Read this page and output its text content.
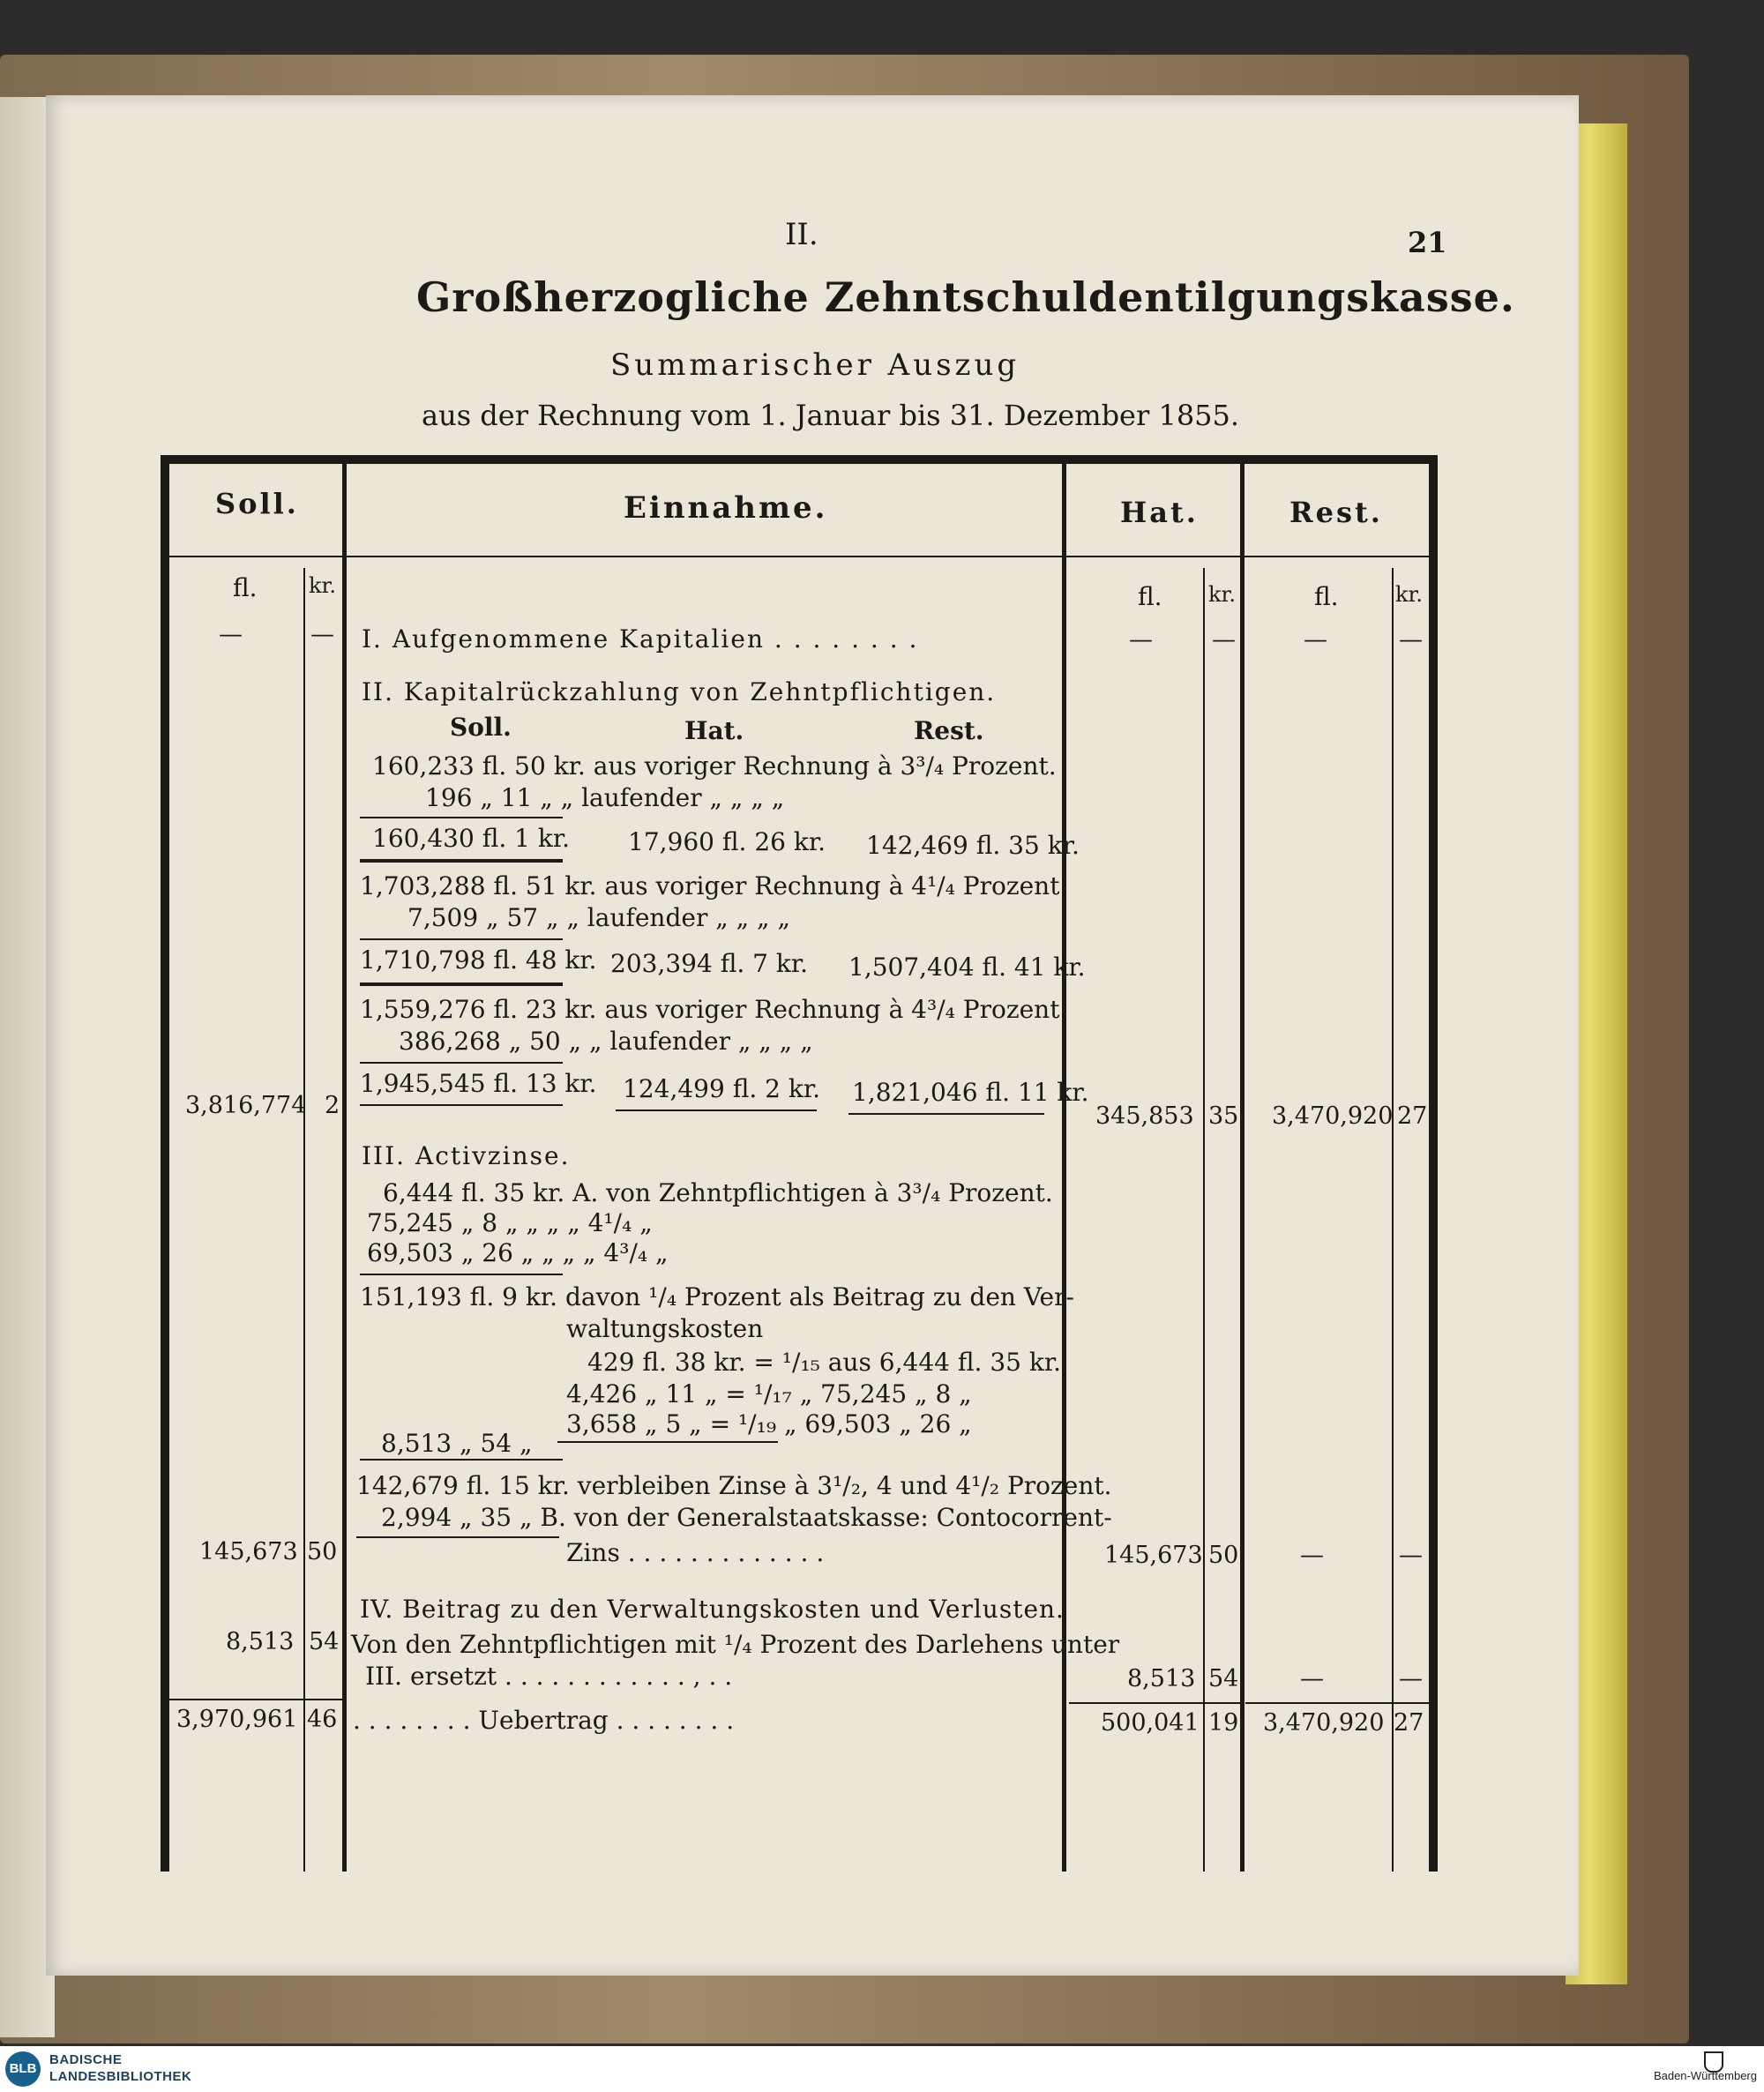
II.	21
Großherzogliche Zehntschuldentilgungskasse.
Summarischer Auszug
aus der Rechnung vom 1. Januar bis 31. Dezember 1855.
Soll.	Einnahme.	Hat.	Rest.
fl. kr.	fl. kr.	fl.	kr.
I. Aufgenommene Kapitalien . . . . . . . .
—	—	— —	—	—
II. Kapitalrückzahlung von Zehntpflichtigen.
Soll.	Hat.	Rest.
160,233 fl. 50 kr. aus voriger Rechnung à 3³/₄ Prozent.
196 „ 11 „ „ laufender „ „ „ „
160,430 fl. 1 kr. 17,960 fl. 26 kr. 142,469 fl. 35 kr.
1,703,288 fl. 51 kr. aus voriger Rechnung à 4¹/₄ Prozent.
7,509 „ 57 „ „ laufender „ „ „ „
1,710,798 fl. 48 kr. 203,394 fl. 7 kr. 1,507,404 fl. 41 kr.
1,559,276 fl. 23 kr. aus voriger Rechnung à 4³/₄ Prozent.
386,268 „ 50 „ „ laufender „ „ „ „
1,945,545 fl. 13 kr. 124,499 fl. 2 kr. 1,821,046 fl. 11 kr.
3,816,774 2	345,853 35 3,470,920 27
III. Activzinse.
6,444 fl. 35 kr. A. von Zehntpflichtigen à 3³/₄ Prozent.
75,245 „ 8 „ „ „ „ 4¹/₄ „
69,503 „ 26 „ „ „ „ 4³/₄ „
151,193 fl. 9 kr. davon ¹/₄ Prozent als Beitrag zu den Ver-
waltungskosten
429 fl. 38 kr. = ¹/₁₅ aus 6,444 fl. 35 kr.
4,426 „ 11 „ = ¹/₁₇ „ 75,245 „ 8 „
3,658 „ 5 „ = ¹/₁₉ „ 69,503 „ 26 „
8,513 „ 54 „
142,679 fl. 15 kr. verbleiben Zinse à 3¹/₂, 4 und 4¹/₂ Prozent.
2,994 „ 35 „ B. von der Generalstaatskasse: Contocorrent-
Zins . . . . . . . . . . . . .
145,673 50	145,673 50	—	—
IV. Beitrag zu den Verwaltungskosten und Verlusten.
Von den Zehntpflichtigen mit ¹/₄ Prozent des Darlehens unter
III. ersetzt . . . . . . . . . . . . , . .
8,513 54
8,513 54	—	—
. . . . . . . . Uebertrag . . . . . . . .
3,970,961 46	500,041 19 3,470,920 27
BLB
BADISCHE
LANDESBIBLIOTHEK	Baden-Württemberg
